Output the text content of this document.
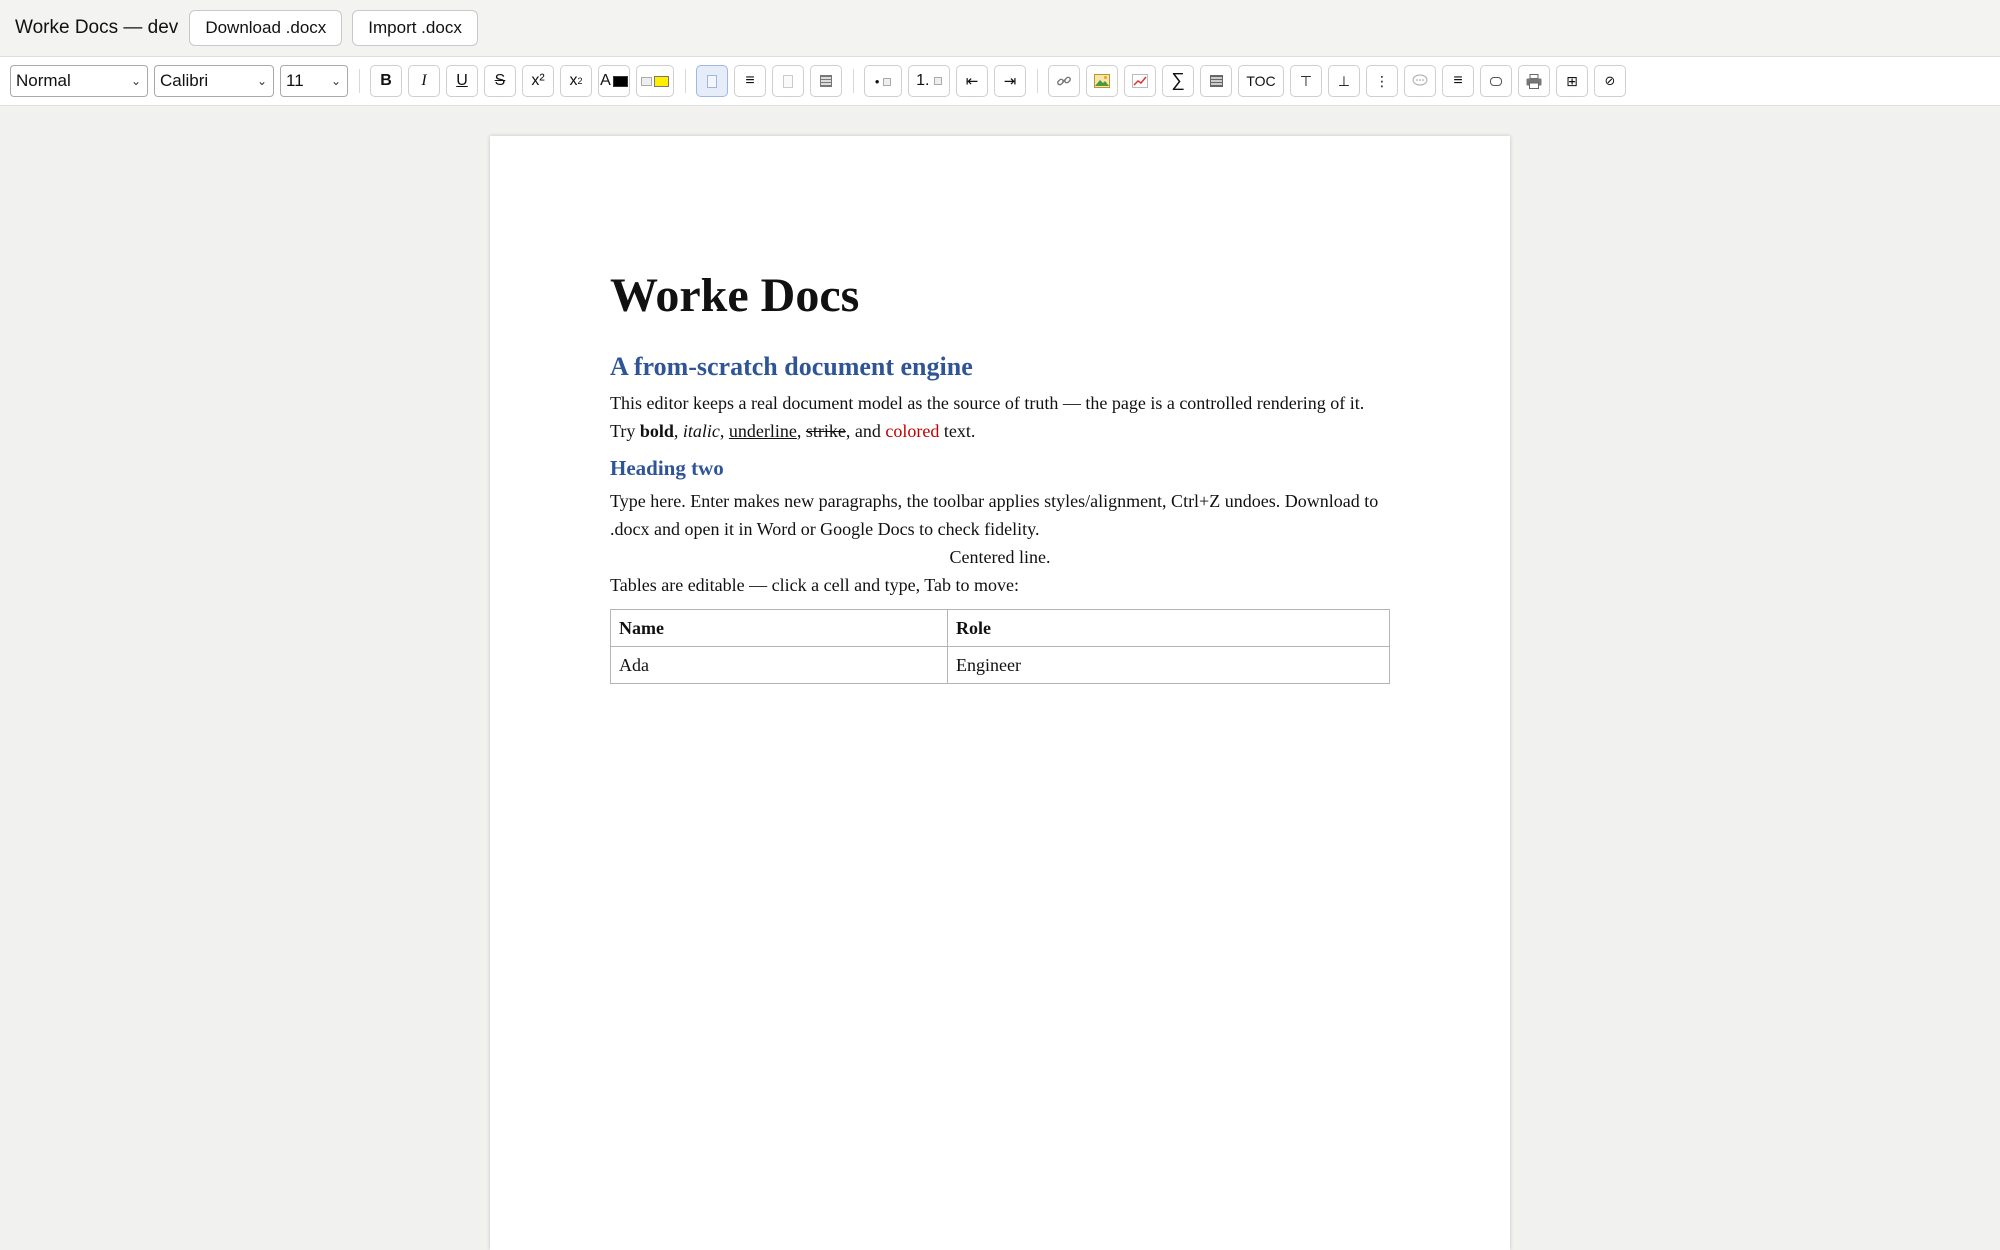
Worke Docs — dev	Download .docx	Import .docx
Normal	⌄ Calibri	⌄ 11 ⌄ B I U S x² x 2 A	≡	•	1.
⇤ ⇥	∑	TOC ⊤ ⊥ ⋮	≡	⊞ ⊘
Worke Docs
A from-scratch document engine

This editor keeps a real document model as the source of truth — the page is a controlled rendering of it.

Try bold, italic, underline, strike, and colored text.

Heading two

Type here. Enter makes new paragraphs, the toolbar applies styles/alignment, Ctrl+Z undoes. Download to .docx and open it in Word or Google Docs to check fidelity.

Centered line.

Tables are editable — click a cell and type, Tab to move:

Name	Role
Ada	Engineer
